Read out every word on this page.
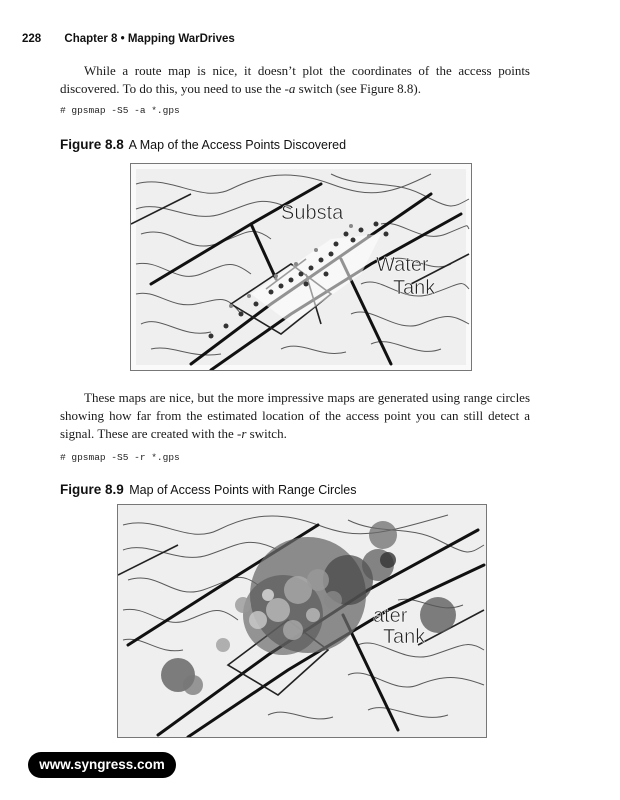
228 Chapter 8 • Mapping WarDrives

While a route map is nice, it doesn’t plot the coordinates of the access points discovered. To do this, you need to use the -a switch (see Figure 8.8).

# gpsmap -S5 -a *.gps
Figure 8.8 A Map of the Access Points Discovered
Substa
Water
Tank

These maps are nice, but the more impressive maps are generated using range circles showing how far from the estimated location of the access point you can still detect a signal. These are created with the -r switch.

# gpsmap -S5 -r *.gps
Figure 8.9 Map of Access Points with Range Circles
ater
Tank
www.syngress.com
